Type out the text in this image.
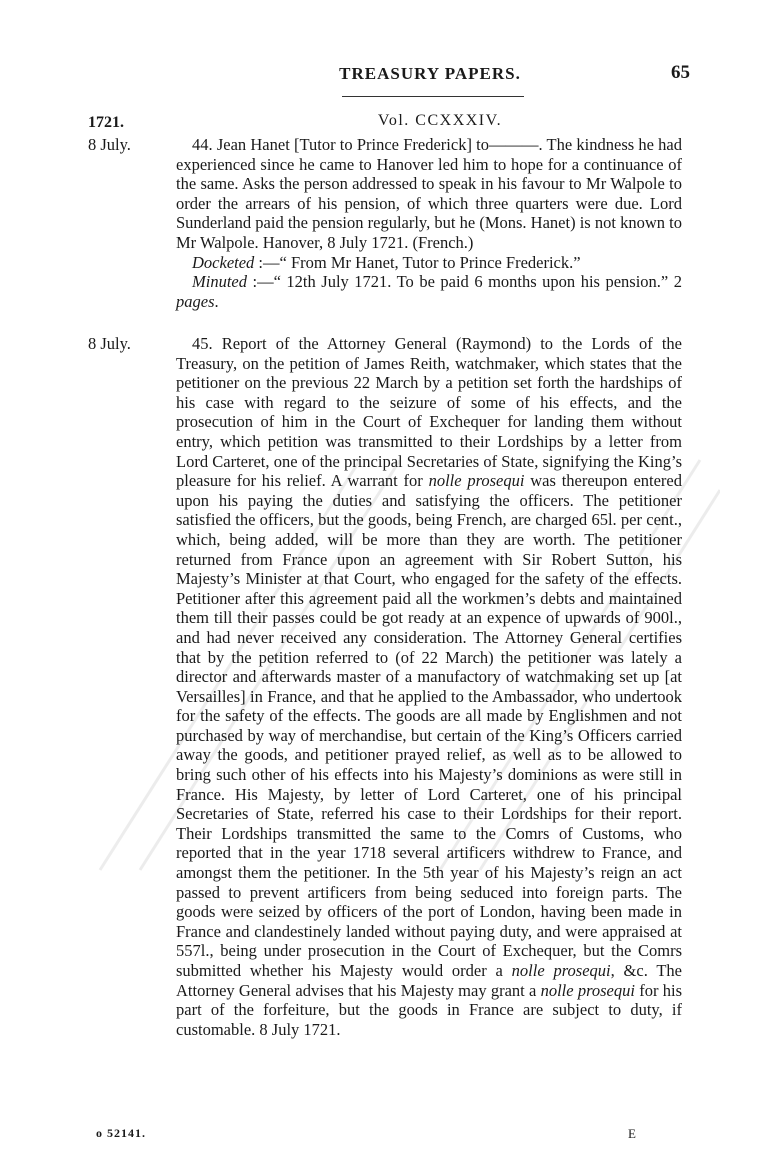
TREASURY PAPERS.	65
1721.	Vol. CCXXXIV.
8 July.	44. Jean Hanet [Tutor to Prince Frederick] to———. The kindness he had experienced since he came to Hanover led him to hope for a continuance of the same. Asks the person addressed to speak in his favour to Mr Walpole to order the arrears of his pension, of which three quarters were due. Lord Sunderland paid the pension regularly, but he (Mons. Hanet) is not known to Mr Walpole. Hanover, 8 July 1721. (French.)

Docketed :—“ From Mr Hanet, Tutor to Prince Frederick.”

Minuted :—“ 12th July 1721. To be paid 6 months upon his pension.” 2 pages.

8 July.	45. Report of the Attorney General (Raymond) to the Lords of the Treasury, on the petition of James Reith, watchmaker, which states that the petitioner on the previous 22 March by a petition set forth the hardships of his case with regard to the seizure of some of his effects, and the prosecution of him in the Court of Exchequer for landing them without entry, which petition was transmitted to their Lordships by a letter from Lord Carteret, one of the principal Secretaries of State, signifying the King’s pleasure for his relief. A warrant for nolle prosequi was thereupon entered upon his paying the duties and satisfying the officers. The petitioner satisfied the officers, but the goods, being French, are charged 65l. per cent., which, being added, will be more than they are worth. The petitioner returned from France upon an agreement with Sir Robert Sutton, his Majesty’s Minister at that Court, who engaged for the safety of the effects. Petitioner after this agreement paid all the workmen’s debts and maintained them till their passes could be got ready at an expence of upwards of 900l., and had never received any consideration. The Attorney General certifies that by the petition referred to (of 22 March) the petitioner was lately a director and afterwards master of a manufactory of watchmaking set up [at Versailles] in France, and that he applied to the Ambassador, who undertook for the safety of the effects. The goods are all made by Englishmen and not purchased by way of merchandise, but certain of the King’s Officers carried away the goods, and petitioner prayed relief, as well as to be allowed to bring such other of his effects into his Majesty’s dominions as were still in France. His Majesty, by letter of Lord Carteret, one of his principal Secretaries of State, referred his case to their Lordships for their report. Their Lordships transmitted the same to the Comrs of Customs, who reported that in the year 1718 several artificers withdrew to France, and amongst them the petitioner. In the 5th year of his Majesty’s reign an act passed to prevent artificers from being seduced into foreign parts. The goods were seized by officers of the port of London, having been made in France and clandestinely landed without paying duty, and were appraised at 557l., being under prosecution in the Court of Exchequer, but the Comrs submitted whether his Majesty would order a nolle prosequi, &c. The Attorney General advises that his Majesty may grant a nolle prosequi for his part of the forfeiture, but the goods in France are subject to duty, if customable. 8 July 1721.

o 52141.	E
